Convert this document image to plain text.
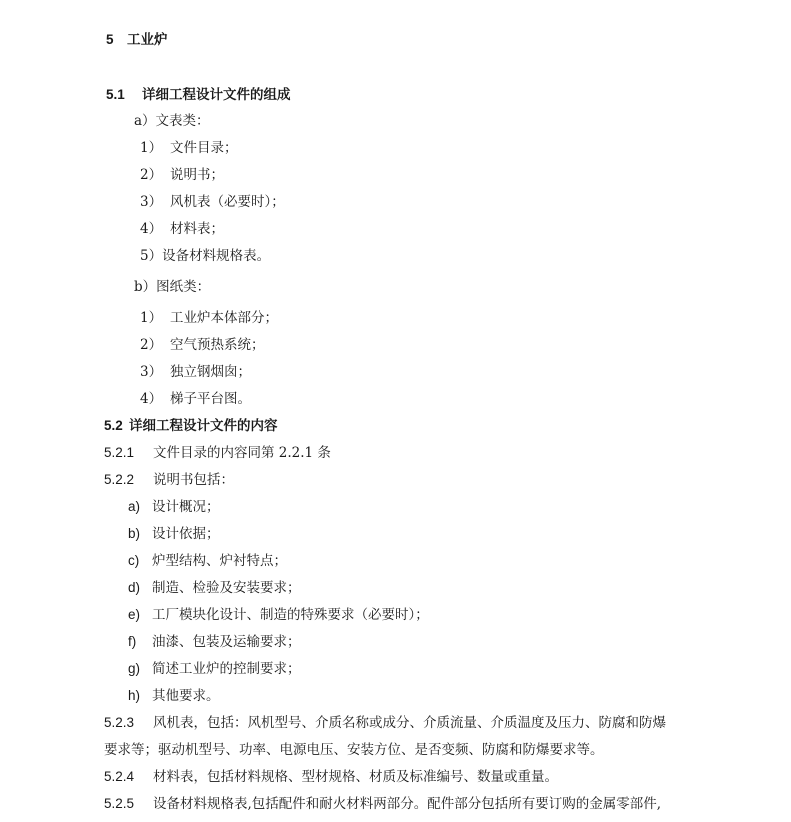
5 工业炉
5.1 详细工程设计文件的组成
a）文表类：
1） 文件目录；
2） 说明书；
3） 风机表（必要时）；
4） 材料表；
5）设备材料规格表。
b）图纸类：
1） 工业炉本体部分；
2） 空气预热系统；
3） 独立钢烟囱；
4） 梯子平台图。
5.2 详细工程设计文件的内容
5.2.1 文件目录的内容同第 2.2.1 条
5.2.2 说明书包括：
a) 设计概况；
b) 设计依据；
c) 炉型结构、炉衬特点；
d) 制造、检验及安装要求；
e) 工厂模块化设计、制造的特殊要求（必要时）；
f) 油漆、包装及运输要求；
g) 简述工业炉的控制要求；
h) 其他要求。
5.2.3 风机表，包括：风机型号、介质名称或成分、介质流量、介质温度及压力、防腐和防爆
要求等；驱动机型号、功率、电源电压、安装方位、是否变频、防腐和防爆要求等。
5.2.4 材料表，包括材料规格、型材规格、材质及标准编号、数量或重量。
5.2.5 设备材料规格表,包括配件和耐火材料两部分。配件部分包括所有要订购的金属零部件,
